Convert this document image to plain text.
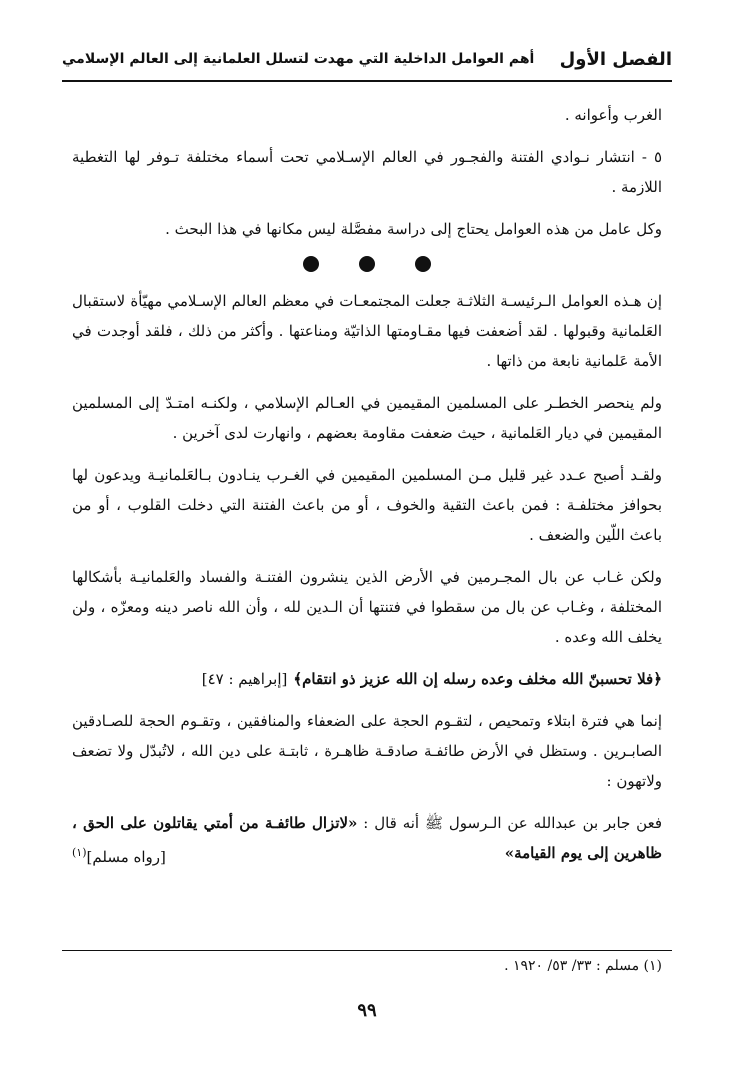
الفصل الأول
أهم العوامل الداخلية التي مهدت لتسلل العلمانية إلى العالم الإسلامي

الغرب وأعوانه .

٥ - انتشار نـوادي الفتنة والفجـور في العالم الإسـلامي تحت أسماء مختلفة تـوفر لها التغطية اللازمة .

وكل عامل من هذه العوامل يحتاج إلى دراسة مفصَّلة ليس مكانها في هذا البحث .

إن هـذه العوامل الـرئيسـة الثلاثـة جعلت المجتمعـات في معظم العالم الإسـلامي مهيّأة لاستقبال العَلمانية وقبولها . لقد أضعفت فيها مقـاومتها الذاتيّة ومناعتها . وأكثر من ذلك ، فلقد أوجدت في الأمة عَلمانية نابعة من ذاتها .

ولم ينحصر الخطـر على المسلمين المقيمين في العـالم الإسلامي ، ولكنـه امتـدّ إلى المسلمين المقيمين في ديار العَلمانية ، حيث ضعفت مقاومة بعضهم ، وانهارت لدى آخرين .

ولقـد أصبح عـدد غير قليل مـن المسلمين المقيمين في الغـرب ينـادون بـالعَلمانيـة ويدعون لها بحوافز مختلفـة : فمن باعث التقية والخوف ، أو من باعث الفتنة التي دخلت القلوب ، أو من باعث اللّين والضعف .

ولكن غـاب عن بال المجـرمين في الأرض الذين ينشرون الفتنـة والفساد والعَلمانيـة بأشكالها المختلفة ، وغـاب عن بال من سقطوا في فتنتها أن الـدين لله ، وأن الله ناصر دينه ومعزّه ، ولن يخلف الله وعده .

﴿فلا تحسبنّ الله مخلف وعده رسله إن الله عزيز ذو انتقام﴾
[إبراهيم : ٤٧]

إنما هي فترة ابتلاء وتمحيص ، لتقـوم الحجة على الضعفاء والمنافقين ، وتقـوم الحجة للصـادقين الصابـرين . وستظل في الأرض طائفـة صادقـة ظاهـرة ، ثابتـة على دين الله ، لاتُبدّل ولا تضعف ولاتهون :

فعن جابر بن عبدالله عن الـرسول ﷺ أنه قال : «لاتزال طائفـة من أمتي يقاتلون على الحق ، ظاهرين إلى يوم القيامة»
[رواه مسلم]$^{(١)}$

(١) مسلم : ٣٣/ ٥٣/ ١٩٢٠ .
٩٩
